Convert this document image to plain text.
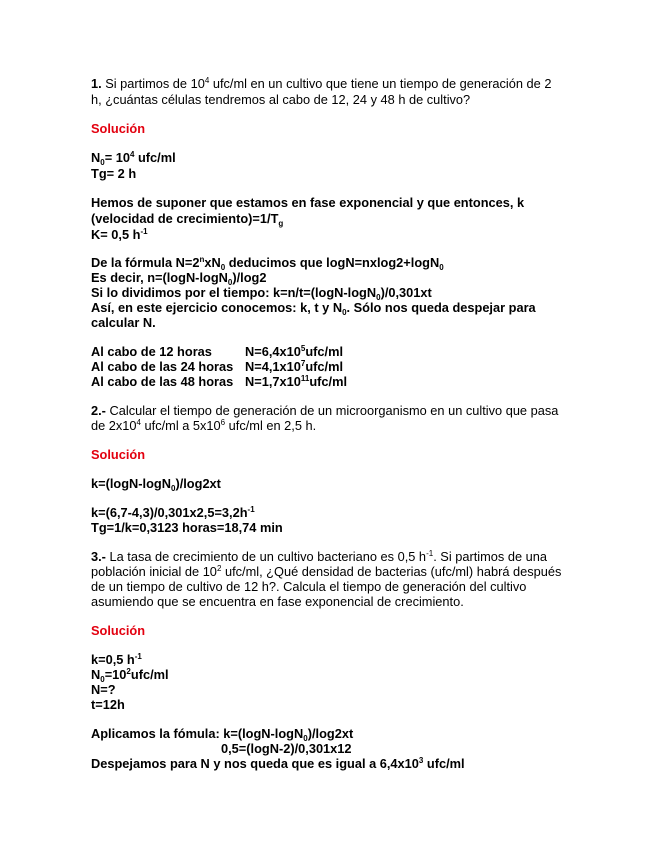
1. Si partimos de $10^4$ ufc/ml en un cultivo que tiene un tiempo de generación de 2
h, ¿cuántas células tendremos al cabo de 12, 24 y 48 h de cultivo?
Solución
$N_0= 10^4$ ufc/ml
Tg= 2 h
Hemos de suponer que estamos en fase exponencial y que entonces, k
(velocidad de $crecimiento)=1/T_g$
K= 0,5 $h^{-1}$
De la fórmula $N=2^nxN_0$ deducimos que logN=nxlog2+logN$_0$
Es decir, n=(logN-logN$_0$)/log2
Si lo dividimos por el tiempo: k=n/t=(logN-logN$_0$)/0,301xt
Así, en este ejercicio conocemos: k, t y $N_0$. Sólo nos queda despejar para
calcular N.
Al cabo de 12 horas	$N=6,4x10^5ufc/ml$
Al cabo de las 24 horas $N=4,1x10^7ufc/ml$
Al cabo de las 48 horas $N=1,7x10^{11}ufc/ml$
2.- Calcular el tiempo de generación de un microorganismo en un cultivo que pasa
de $2x10^4$ ufc/ml a $5x10^6$ ufc/ml en 2,5 h.
Solución
k=(logN-logN$_0$)/log2xt
$k=(6,7-4,3)/0,301x2,5=3,2h^{-1}$
Tg=1/k=0,3123 horas=18,74 min
3.- La tasa de crecimiento de un cultivo bacteriano es 0,5 $h^{-1}$. Si partimos de una
población inicial de $10^2$ ufc/ml, ¿Qué densidad de bacterias (ufc/ml) habrá después
de un tiempo de cultivo de 12 h?. Calcula el tiempo de generación del cultivo
asumiendo que se encuentra en fase exponencial de crecimiento.
Solución
k=0,5 $h^{-1}$
$N_0=10^2ufc/ml$
N=?
t=12h
Aplicamos la fómula: k=(logN-logN$_0$)/log2xt
0,5=(logN-2)/0,301x12
Despejamos para N y nos queda que es igual a $6,4x10^3$ ufc/ml
